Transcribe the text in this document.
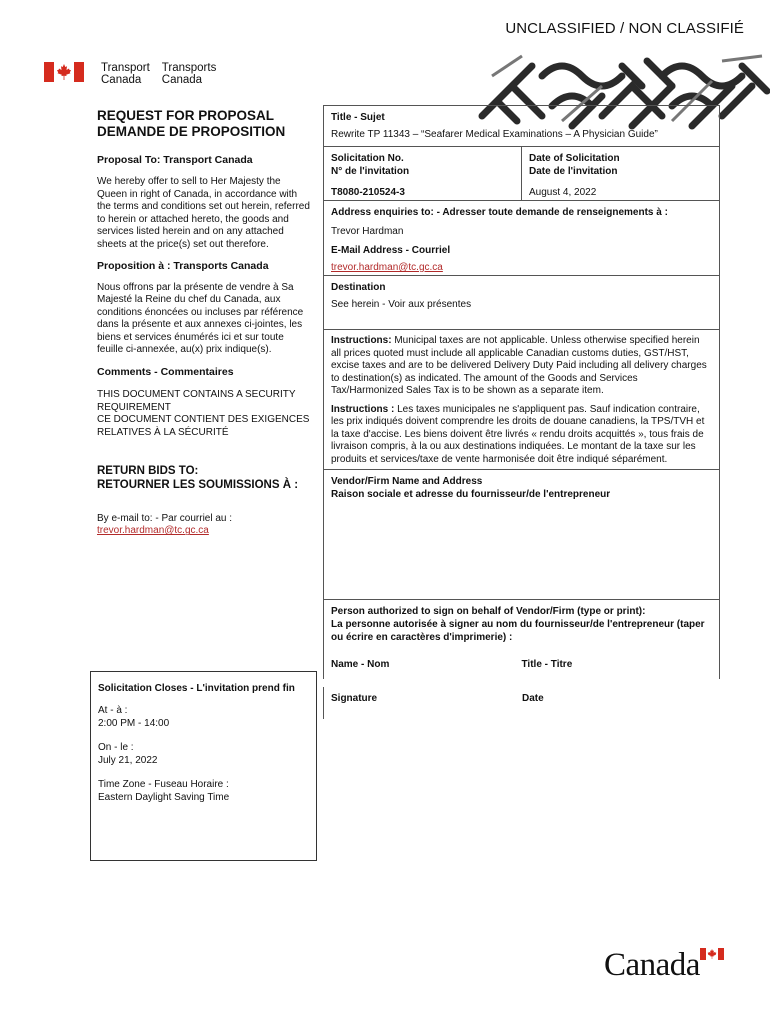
UNCLASSIFIED / NON CLASSIFIÉ
Transport
Canada
Transports
Canada
REQUEST FOR PROPOSAL
DEMANDE DE PROPOSITION
Proposal To: Transport Canada
We hereby offer to sell to Her Majesty the Queen in right of Canada, in accordance with the terms and conditions set out herein, referred to herein or attached hereto, the goods and services listed herein and on any attached sheets at the price(s) set out therefore.
Proposition à : Transports Canada
Nous offrons par la présente de vendre à Sa Majesté la Reine du chef du Canada, aux conditions énoncées ou incluses par référence dans la présente et aux annexes ci-jointes, les biens et services énumérés ici et sur toute feuille ci-annexée, au(x) prix indique(s).
Comments - Commentaires
THIS DOCUMENT CONTAINS A SECURITY REQUIREMENT
CE DOCUMENT CONTIENT DES EXIGENCES RELATIVES À LA SÉCURITÉ
RETURN BIDS TO:
RETOURNER LES SOUMISSIONS À :
By e-mail to: - Par courriel au :
trevor.hardman@tc.gc.ca
Solicitation Closes - L'invitation prend fin
At - à :
2:00 PM - 14:00
On - le :
July 21, 2022
Time Zone - Fuseau Horaire :
Eastern Daylight Saving Time
Title - Sujet
Rewrite TP 11343 – “Seafarer Medical Examinations – A Physician Guide”
Solicitation No.
N° de l'invitation
T8080-210524-3
Date of Solicitation
Date de l'invitation
August 4, 2022
Address enquiries to: - Adresser toute demande de renseignements à :
Trevor Hardman
E-Mail Address - Courriel
trevor.hardman@tc.gc.ca
Destination
See herein - Voir aux présentes

Instructions: Municipal taxes are not applicable. Unless otherwise specified herein all prices quoted must include all applicable Canadian customs duties, GST/HST, excise taxes and are to be delivered Delivery Duty Paid including all delivery charges to destination(s) as indicated. The amount of the Goods and Services Tax/Harmonized Sales Tax is to be shown as a separate item.

Instructions : Les taxes municipales ne s'appliquent pas. Sauf indication contraire, les prix indiqués doivent comprendre les droits de douane canadiens, la TPS/TVH et la taxe d'accise. Les biens doivent être livrés « rendu droits acquittés », tous frais de livraison compris, à la ou aux destinations indiquées. Le montant de la taxe sur les produits et services/taxe de vente harmonisée doit être indiqué séparément.

Vendor/Firm Name and Address
Raison sociale et adresse du fournisseur/de l'entrepreneur
Person authorized to sign on behalf of Vendor/Firm (type or print):
La personne autorisée à signer au nom du fournisseur/de l'entrepreneur (taper ou écrire en caractères d'imprimerie) :
Name - Nom	Title - Titre
Signature	Date
Canada
